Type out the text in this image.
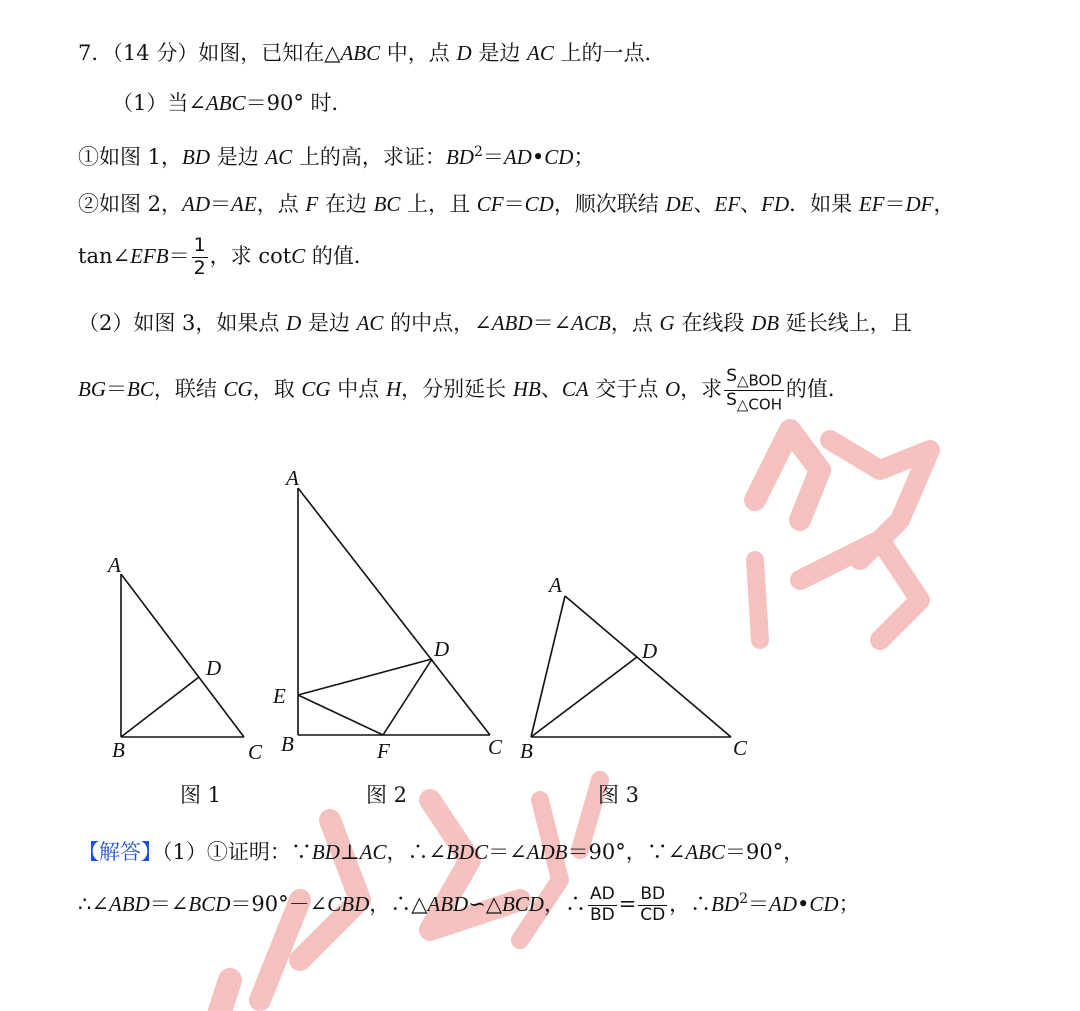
7．（14 分）如图，已知在△ABC 中，点 D 是边 AC 上的一点．
（1）当∠ABC＝90° 时．
①如图 1，BD 是边 AC 上的高，求证：$BD^2=AD•CD$；
②如图 2，AD＝AE，点 F 在边 BC 上，且 CF＝CD，顺次联结 DE、EF、FD．如果 EF＝DF，
tan∠EFB＝ $\frac{1}{2}$ ，求 cotC 的值．
（2）如图 3，如果点 D 是边 AC 的中点，∠ABD＝∠ACB，点 G 在线段 DB 延长线上，且
BG＝BC，联结 CG，取 CG 中点 H，分别延长 HB、CA 交于点 O，求 $\frac{S_{\triangle BOD}}{S_{\triangle COH}}$ 的值．
A
B	C
D
图 1
A
B	C
D
E
F
图 2
A
B	C
D
图 3
【解答】（1）①证明：∵BD⊥AC，∴∠BDC＝∠ADB＝90°，∵∠ABC＝90°，
∴∠ABD＝∠BCD＝90°－∠CBD，∴△ABD∽△BCD，∴ $\frac{AD}{BD} = \frac{BD}{CD}$ ，$\therefore BD^2=AD•CD$；
